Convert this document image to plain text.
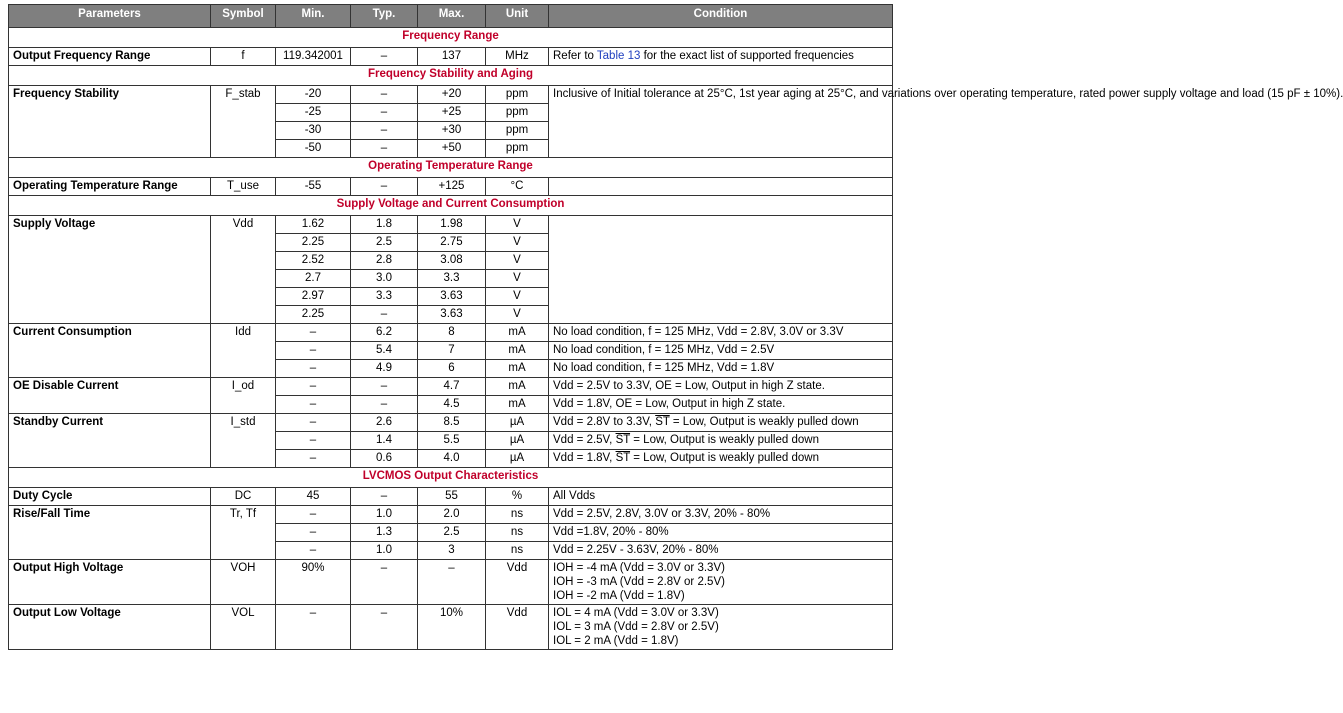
Parameters	Symbol	Min.	Typ.	Max.	Unit	Condition
Frequency Range						
Output Frequency Range	f	119.342001	–	137	MHz	Refer to Table 13 for the exact list of supported frequencies
Frequency Stability and Aging						
Frequency Stability	F_stab	-20	–	+20	ppm	Inclusive of Initial tolerance at 25°C, 1st year aging at 25°C, and variations over operating temperature, rated power supply voltage and load (15 pF ± 10%).
		-25	–	+25	ppm	
		-30	–	+30	ppm	
		-50	–	+50	ppm	
Operating Temperature Range						
Operating Temperature Range	T_use	-55	–	+125	°C	
Supply Voltage and Current Consumption						
Supply Voltage	Vdd	1.62	1.8	1.98	V	
		2.25	2.5	2.75	V	
		2.52	2.8	3.08	V	
		2.7	3.0	3.3	V	
		2.97	3.3	3.63	V	
		2.25	–	3.63	V	
Current Consumption	Idd	–	6.2	8	mA	No load condition, f = 125 MHz, Vdd = 2.8V, 3.0V or 3.3V
		–	5.4	7	mA	No load condition, f = 125 MHz, Vdd = 2.5V
		–	4.9	6	mA	No load condition, f = 125 MHz, Vdd = 1.8V
OE Disable Current	I_od	–	–	4.7	mA	Vdd = 2.5V to 3.3V, OE = Low, Output in high Z state.
		–	–	4.5	mA	Vdd = 1.8V, OE = Low, Output in high Z state.
Standby Current	I_std	–	2.6	8.5	µA	Vdd = 2.8V to 3.3V, $\overline{ST}$ = Low, Output is weakly pulled down
		–	1.4	5.5	µA	Vdd = 2.5V, $\overline{ST}$ = Low, Output is weakly pulled down
		–	0.6	4.0	µA	Vdd = 1.8V, $\overline{ST}$ = Low, Output is weakly pulled down
LVCMOS Output Characteristics						
Duty Cycle	DC	45	–	55	%	All Vdds
Rise/Fall Time	Tr, Tf	–	1.0	2.0	ns	Vdd = 2.5V, 2.8V, 3.0V or 3.3V, 20% - 80%
		–	1.3	2.5	ns	Vdd =1.8V, 20% - 80%
		–	1.0	3	ns	Vdd = 2.25V - 3.63V, 20% - 80%
Output High Voltage	VOH	90%	–	–	Vdd	IOH = -4 mA (Vdd = 3.0V or 3.3V)
IOH = -3 mA (Vdd = 2.8V or 2.5V)
IOH = -2 mA (Vdd = 1.8V)

Output Low Voltage	VOL	–	–	10%	Vdd	IOL = 4 mA (Vdd = 3.0V or 3.3V)
IOL = 3 mA (Vdd = 2.8V or 2.5V)
IOL = 2 mA (Vdd = 1.8V)
